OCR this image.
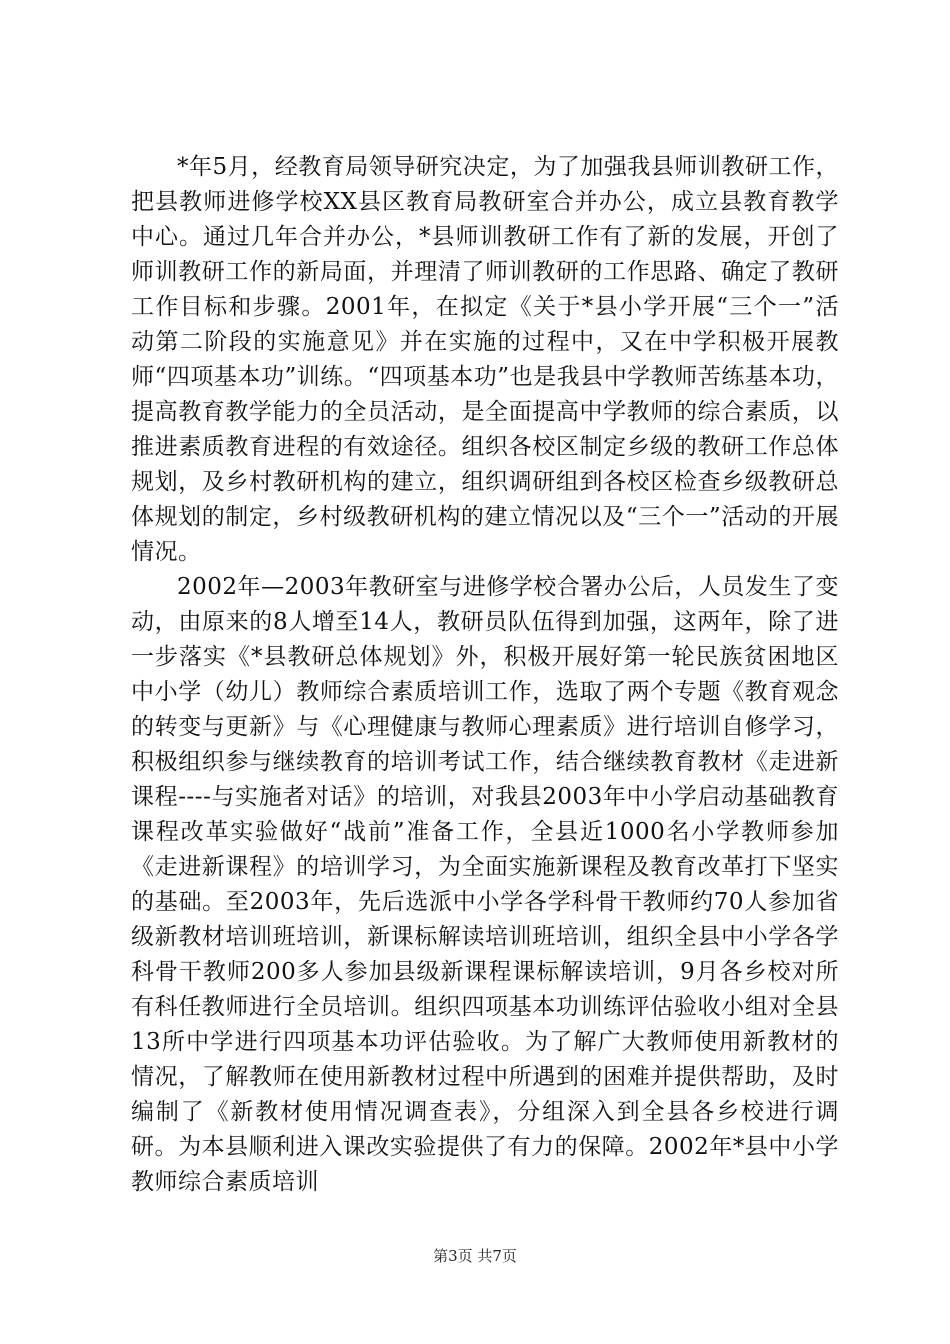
*年5月，经教育局领导研究决定，为了加强我县师训教研工作，把县教师进修学校XX县区教育局教研室合并办公，成立县教育教学中心。通过几年合并办公，*县师训教研工作有了新的发展，开创了师训教研工作的新局面，并理清了师训教研的工作思路、确定了教研工作目标和步骤。2001年，在拟定《关于*县小学开展“三个一”活动第二阶段的实施意见》并在实施的过程中，又在中学积极开展教师“四项基本功”训练。“四项基本功”也是我县中学教师苦练基本功，提高教育教学能力的全员活动，是全面提高中学教师的综合素质，以推进素质教育进程的有效途径。组织各校区制定乡级的教研工作总体规划，及乡村教研机构的建立，组织调研组到各校区检查乡级教研总体规划的制定，乡村级教研机构的建立情况以及“三个一”活动的开展情况。

2002年—2003年教研室与进修学校合署办公后，人员发生了变动，由原来的8人增至14人，教研员队伍得到加强，这两年，除了进一步落实《*县教研总体规划》外，积极开展好第一轮民族贫困地区中小学（幼儿）教师综合素质培训工作，选取了两个专题《教育观念的转变与更新》与《心理健康与教师心理素质》进行培训自修学习，积极组织参与继续教育的培训考试工作，结合继续教育教材《走进新课程----与实施者对话》的培训，对我县2003年中小学启动基础教育课程改革实验做好“战前”准备工作，全县近1000名小学教师参加《走进新课程》的培训学习，为全面实施新课程及教育改革打下坚实的基础。至2003年，先后选派中小学各学科骨干教师约70人参加省级新教材培训班培训，新课标解读培训班培训，组织全县中小学各学科骨干教师200多人参加县级新课程课标解读培训，9月各乡校对所有科任教师进行全员培训。组织四项基本功训练评估验收小组对全县13所中学进行四项基本功评估验收。为了解广大教师使用新教材的情况，了解教师在使用新教材过程中所遇到的困难并提供帮助，及时编制了《新教材使用情况调查表》，分组深入到全县各乡校进行调研。为本县顺利进入课改实验提供了有力的保障。2002年*县中小学教师综合素质培训

第3页 共7页
